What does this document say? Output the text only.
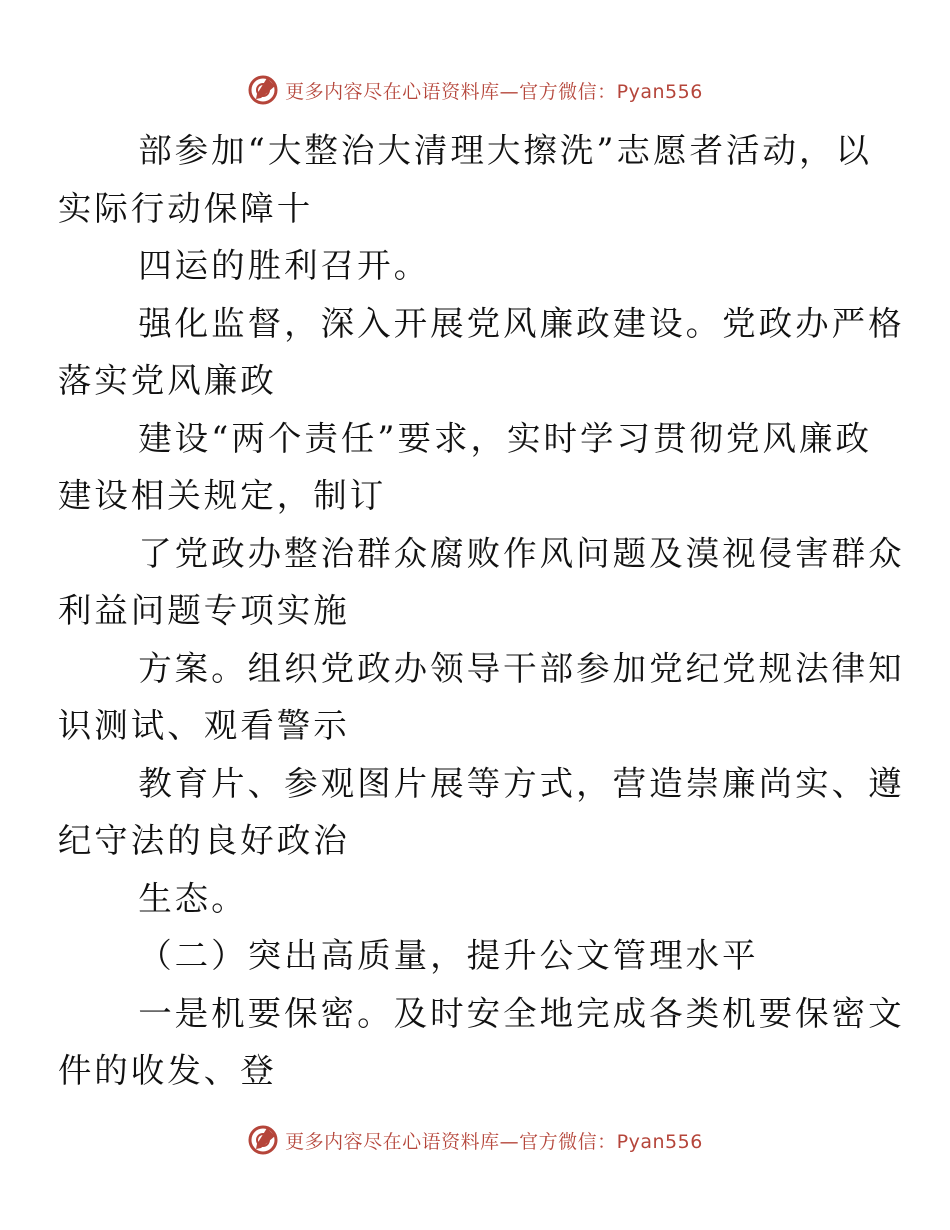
更多内容尽在心语资料库—官方微信：Pyan556

部参加“大整治大清理大擦洗”志愿者活动，以
实际行动保障十

四运的胜利召开。

强化监督，深入开展党风廉政建设。党政办严格
落实党风廉政

建设“两个责任”要求，实时学习贯彻党风廉政
建设相关规定，制订

了党政办整治群众腐败作风问题及漠视侵害群众
利益问题专项实施

方案。组织党政办领导干部参加党纪党规法律知
识测试、观看警示

教育片、参观图片展等方式，营造崇廉尚实、遵
纪守法的良好政治

生态。

（二）突出高质量，提升公文管理水平

一是机要保密。及时安全地完成各类机要保密文
件的收发、登

更多内容尽在心语资料库—官方微信：Pyan556
